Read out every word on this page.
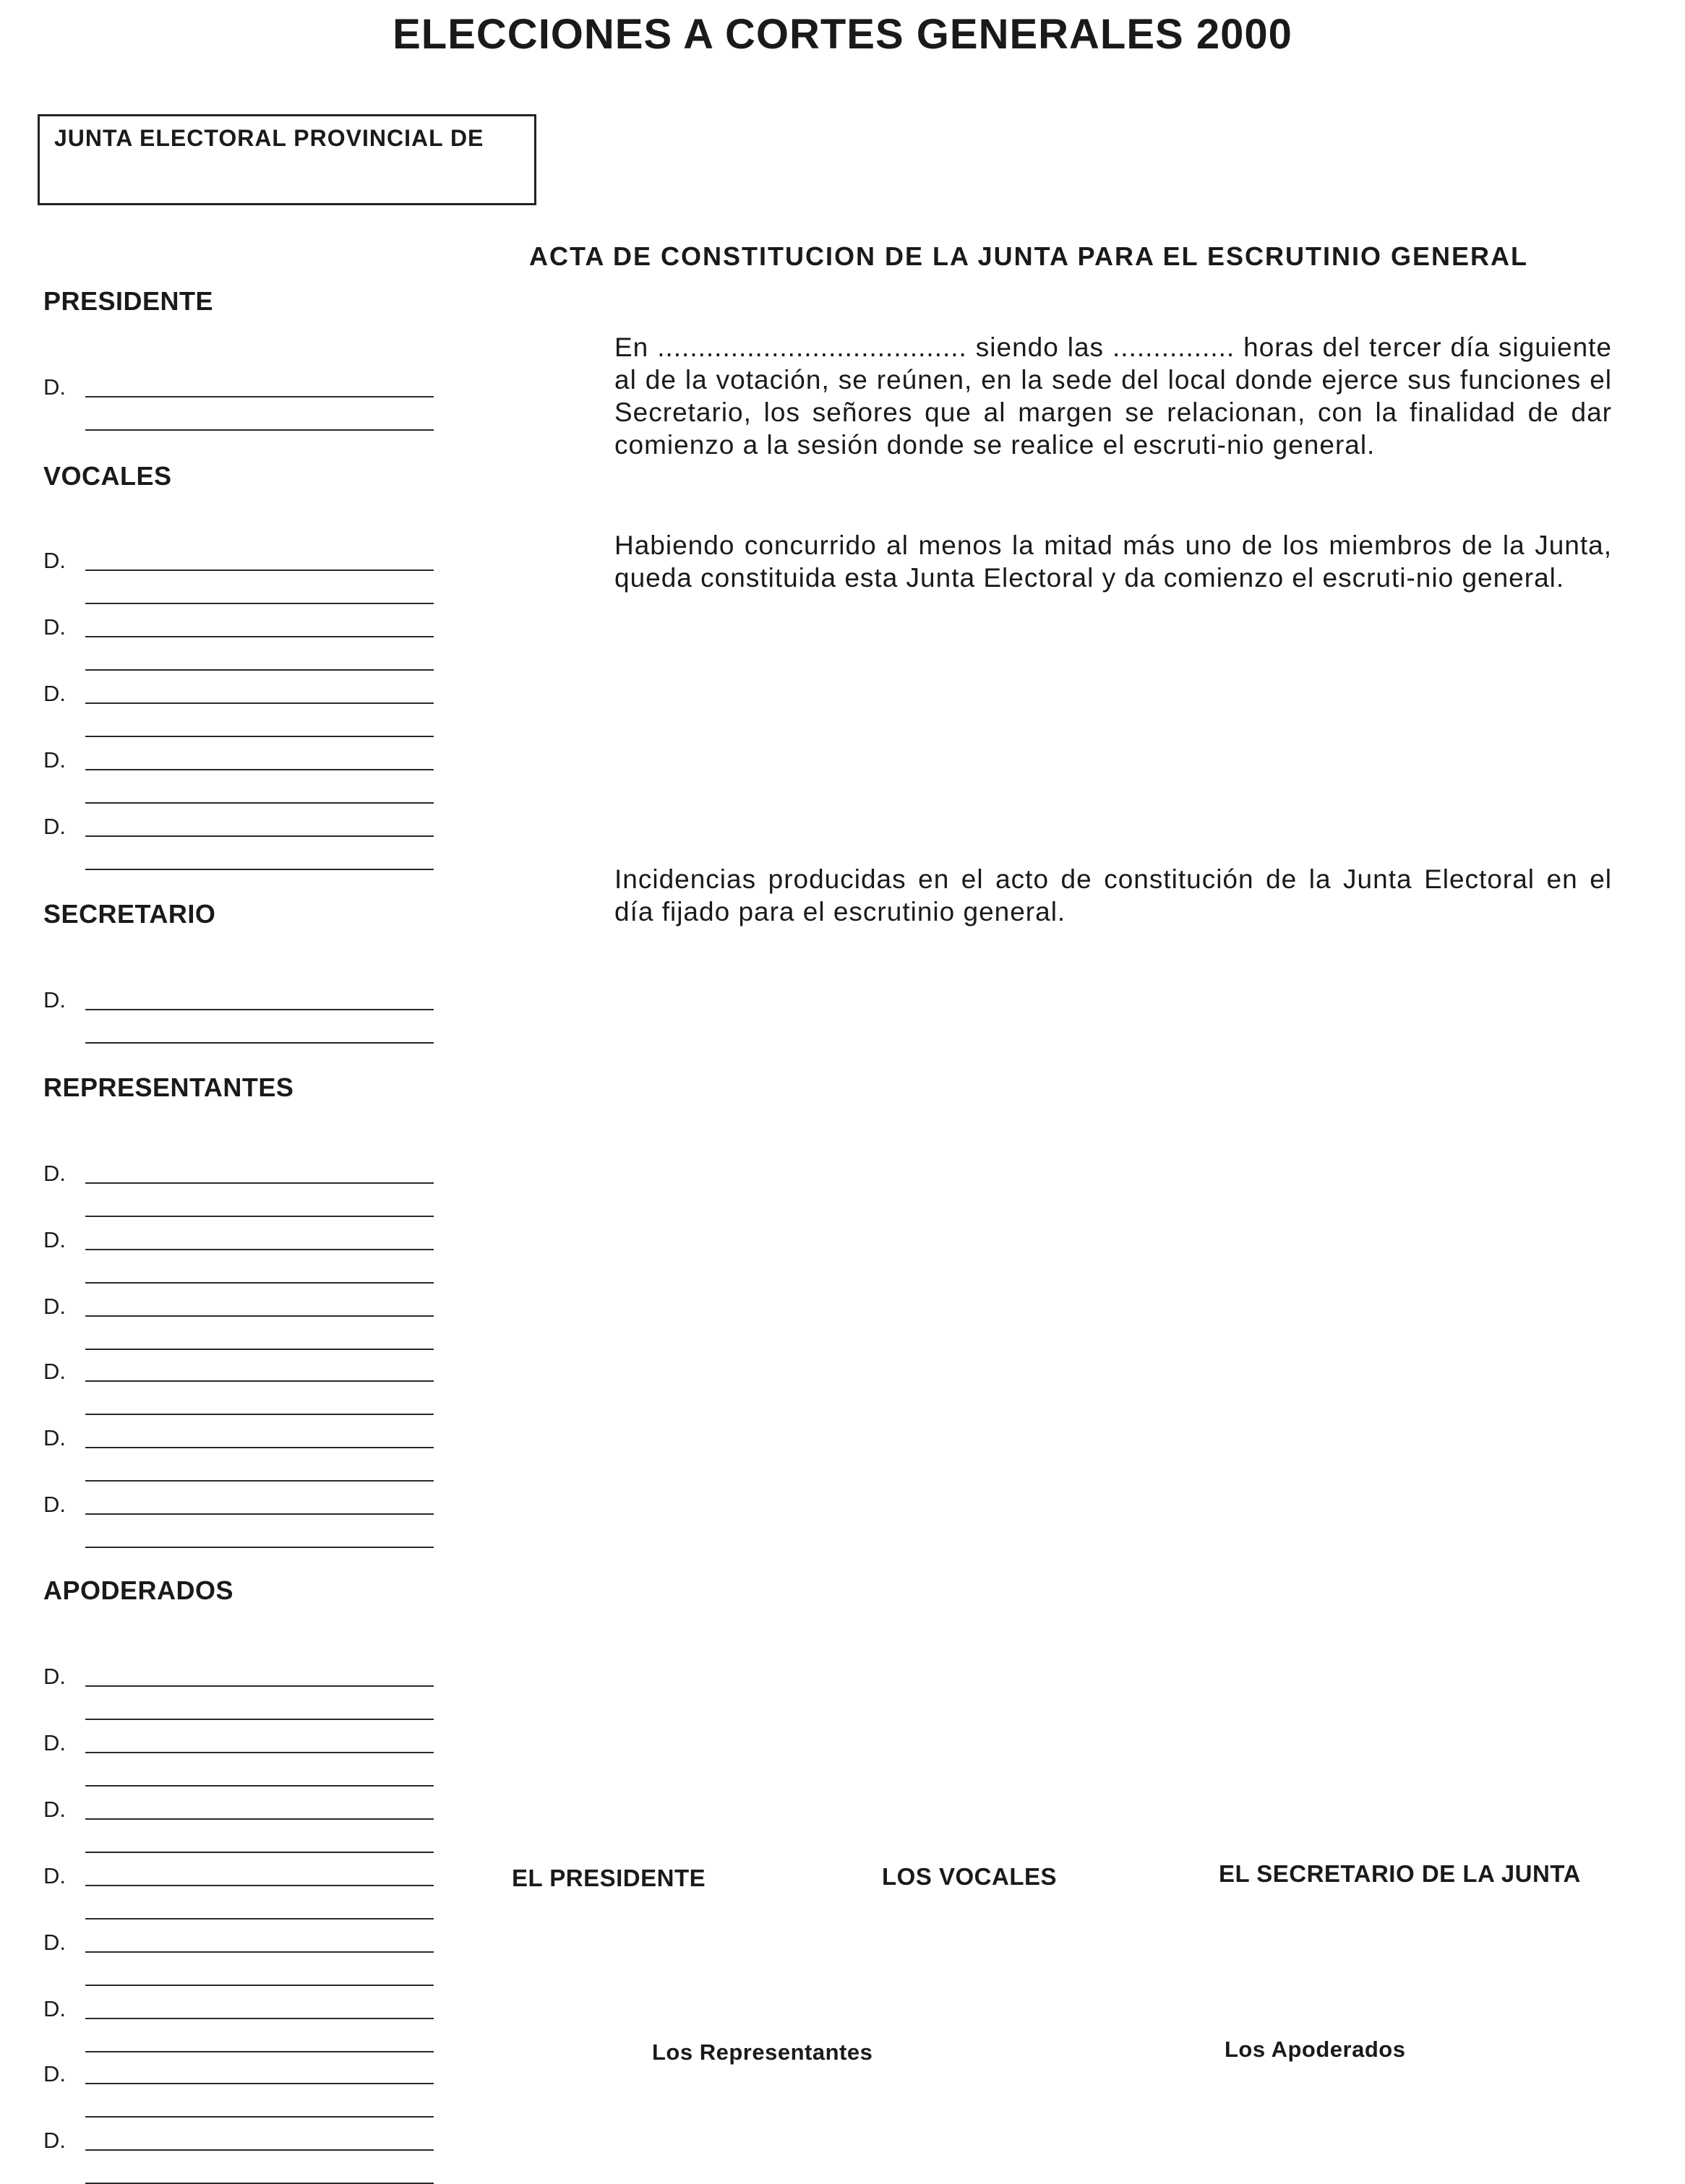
ELECCIONES A CORTES GENERALES 2000
JUNTA ELECTORAL PROVINCIAL DE
ACTA DE CONSTITUCION DE LA JUNTA PARA EL ESCRUTINIO GENERAL
PRESIDENTE
D.
VOCALES
D.
D.
D.
D.
D.
SECRETARIO
D.
REPRESENTANTES
D.
D.
D.
D.
D.
D.
APODERADOS
D.
D.
D.
D.
D.
D.
D.
D.
En ...................................... siendo las ............... horas del tercer día siguiente al de la votación, se reúnen, en la sede del local donde ejerce sus funciones el Secretario, los señores que al margen se relacionan, con la finalidad de dar comienzo a la sesión donde se realice el escruti-nio general.
Habiendo concurrido al menos la mitad más uno de los miembros de la Junta, queda constituida esta Junta Electoral y da comienzo el escruti-nio general.
Incidencias producidas en el acto de constitución de la Junta Electoral en el día fijado para el escrutinio general.
EL PRESIDENTE	LOS VOCALES	EL SECRETARIO DE LA JUNTA
Los Representantes	Los Apoderados
